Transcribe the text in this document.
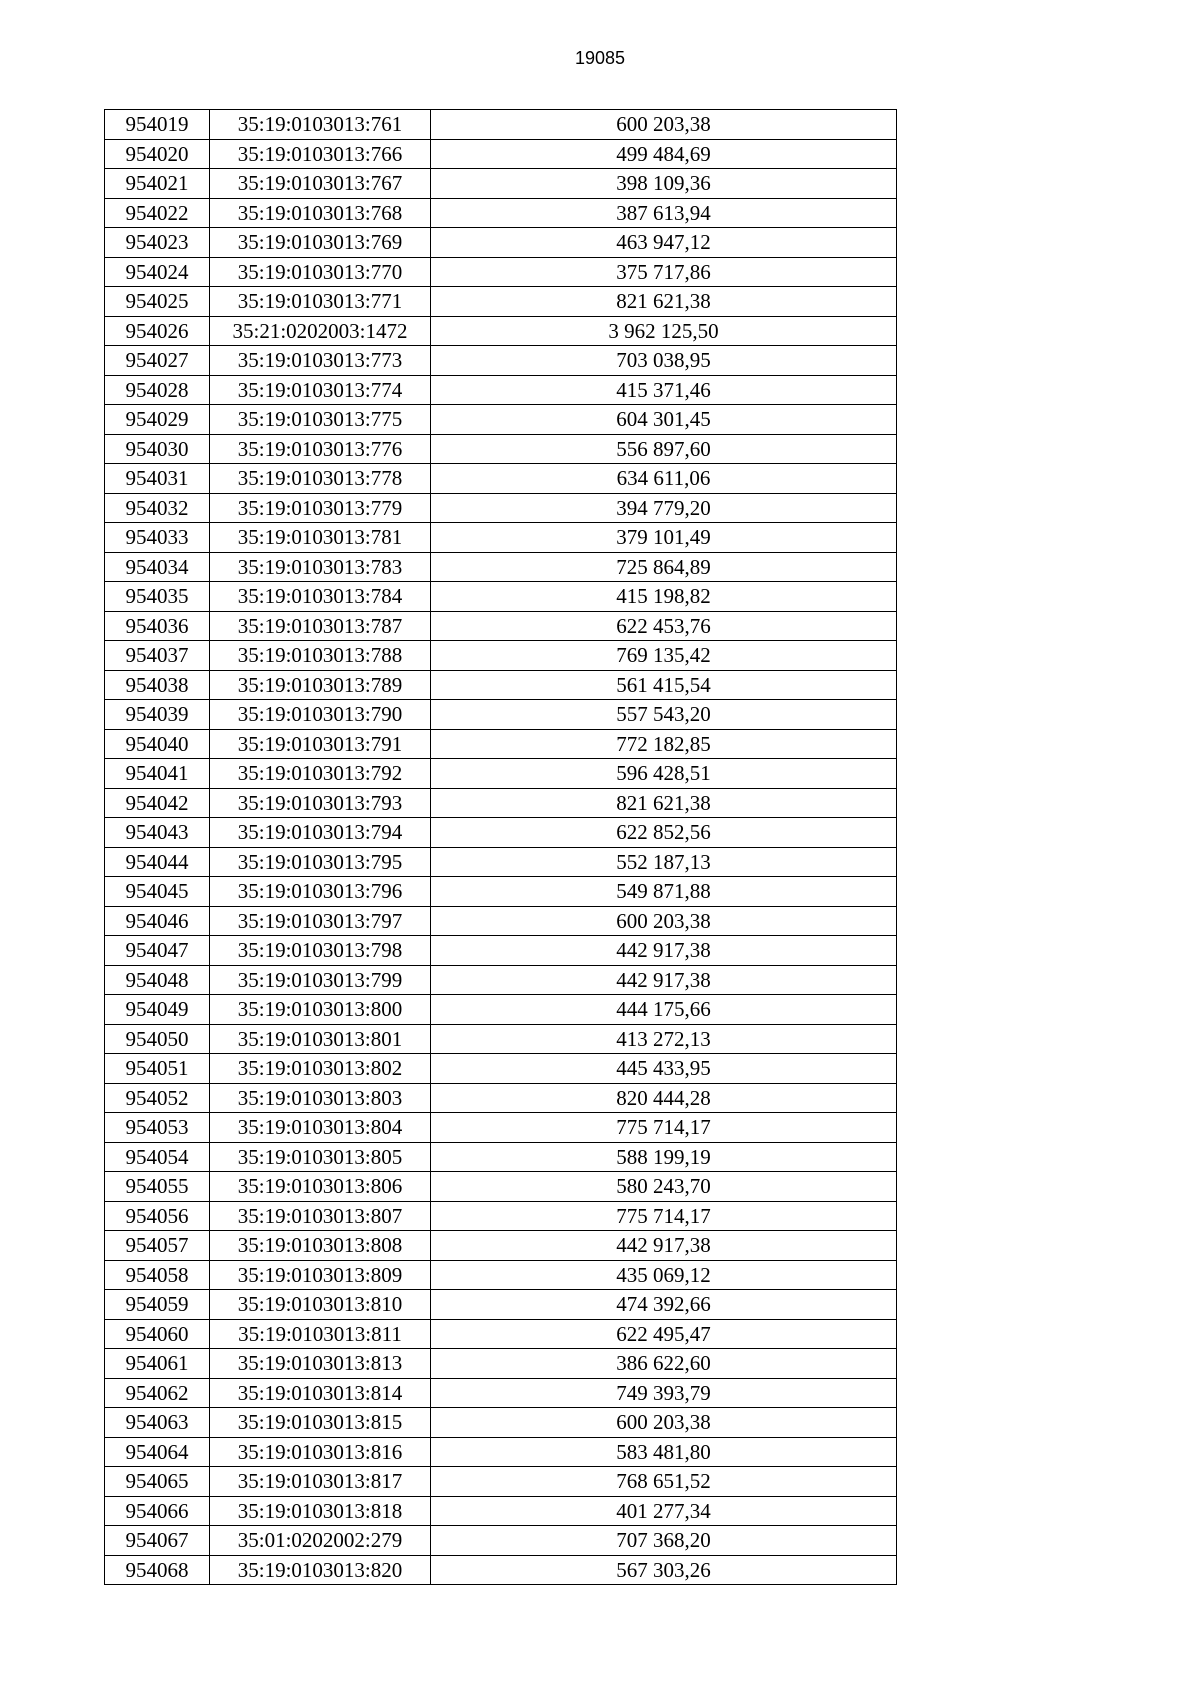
19085
954019	35:19:0103013:761	600 203,38
954020	35:19:0103013:766	499 484,69
954021	35:19:0103013:767	398 109,36
954022	35:19:0103013:768	387 613,94
954023	35:19:0103013:769	463 947,12
954024	35:19:0103013:770	375 717,86
954025	35:19:0103013:771	821 621,38
954026	35:21:0202003:1472	3 962 125,50
954027	35:19:0103013:773	703 038,95
954028	35:19:0103013:774	415 371,46
954029	35:19:0103013:775	604 301,45
954030	35:19:0103013:776	556 897,60
954031	35:19:0103013:778	634 611,06
954032	35:19:0103013:779	394 779,20
954033	35:19:0103013:781	379 101,49
954034	35:19:0103013:783	725 864,89
954035	35:19:0103013:784	415 198,82
954036	35:19:0103013:787	622 453,76
954037	35:19:0103013:788	769 135,42
954038	35:19:0103013:789	561 415,54
954039	35:19:0103013:790	557 543,20
954040	35:19:0103013:791	772 182,85
954041	35:19:0103013:792	596 428,51
954042	35:19:0103013:793	821 621,38
954043	35:19:0103013:794	622 852,56
954044	35:19:0103013:795	552 187,13
954045	35:19:0103013:796	549 871,88
954046	35:19:0103013:797	600 203,38
954047	35:19:0103013:798	442 917,38
954048	35:19:0103013:799	442 917,38
954049	35:19:0103013:800	444 175,66
954050	35:19:0103013:801	413 272,13
954051	35:19:0103013:802	445 433,95
954052	35:19:0103013:803	820 444,28
954053	35:19:0103013:804	775 714,17
954054	35:19:0103013:805	588 199,19
954055	35:19:0103013:806	580 243,70
954056	35:19:0103013:807	775 714,17
954057	35:19:0103013:808	442 917,38
954058	35:19:0103013:809	435 069,12
954059	35:19:0103013:810	474 392,66
954060	35:19:0103013:811	622 495,47
954061	35:19:0103013:813	386 622,60
954062	35:19:0103013:814	749 393,79
954063	35:19:0103013:815	600 203,38
954064	35:19:0103013:816	583 481,80
954065	35:19:0103013:817	768 651,52
954066	35:19:0103013:818	401 277,34
954067	35:01:0202002:279	707 368,20
954068	35:19:0103013:820	567 303,26
